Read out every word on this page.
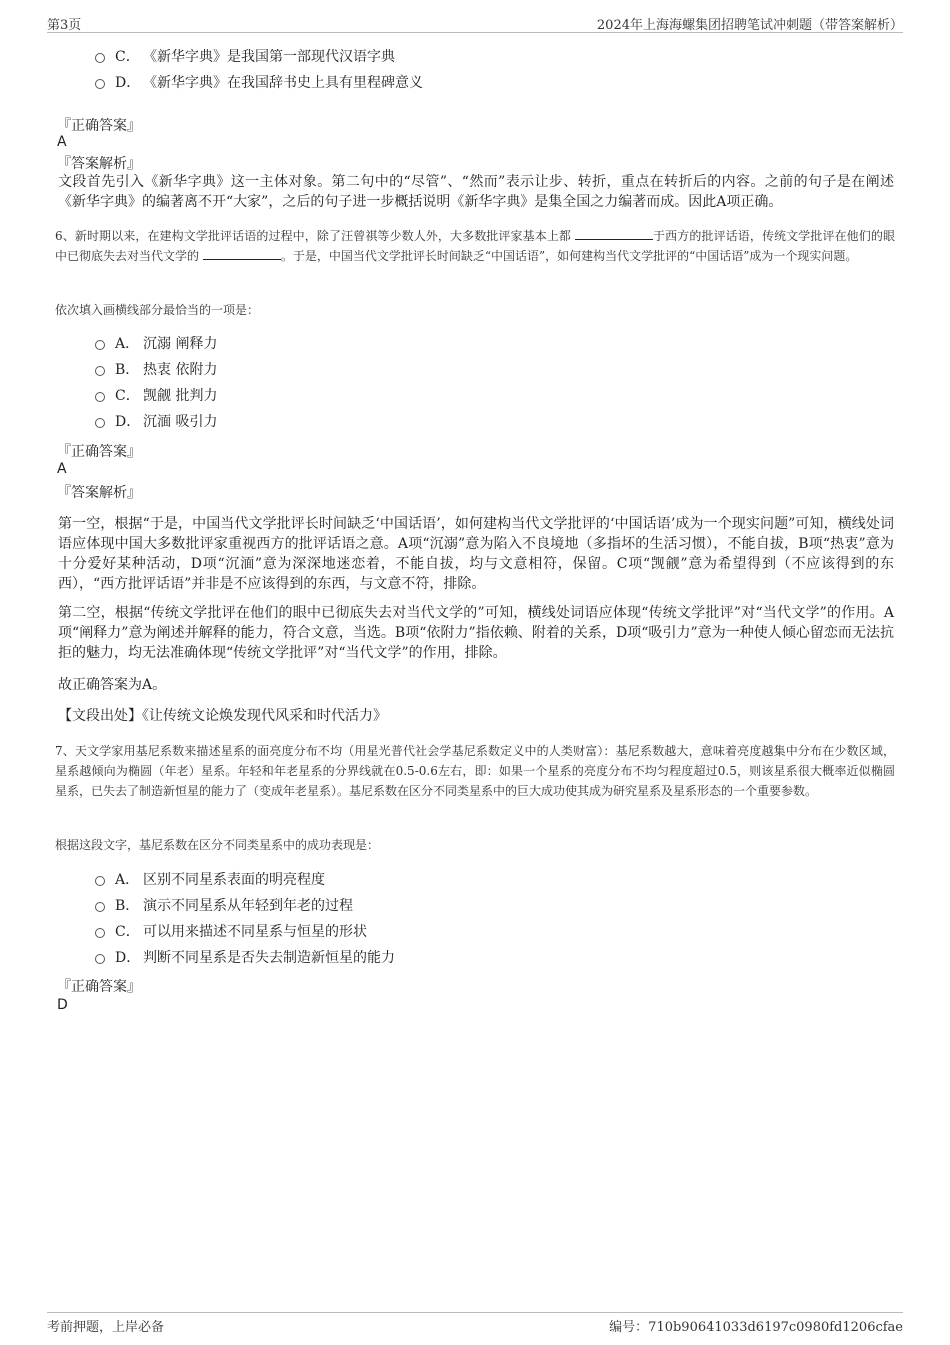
第3页	2024年上海海螺集团招聘笔试冲刺题（带答案解析）
C． 《新华字典》是我国第一部现代汉语字典
D． 《新华字典》在我国辞书史上具有里程碑意义
『正确答案』
A
『答案解析』
文段首先引入《新华字典》这一主体对象。第二句中的“尽管”、“然而”表示让步、转折，重点在转折后的内容。之前的句子是在阐述《新华字典》的编著离不开“大家”，之后的句子进一步概括说明《新华字典》是集全国之力编著而成。因此A项正确。
6、新时期以来，在建构文学批评话语的过程中，除了汪曾祺等少数人外，大多数批评家基本上都	于西方的批评话语，传统文学批评在他们的眼中已彻底失去对当代文学的	。于是，中国当代文学批评长时间缺乏“中国话语”，如何建构当代文学批评的“中国话语”成为一个现实问题。
依次填入画横线部分最恰当的一项是：
A． 沉溺 阐释力
B． 热衷 依附力
C． 觊觎 批判力
D． 沉湎 吸引力
『正确答案』
A
『答案解析』
第一空，根据“于是，中国当代文学批评长时间缺乏‘中国话语’，如何建构当代文学批评的‘中国话语’成为一个现实问题”可知，横线处词语应体现中国大多数批评家重视西方的批评话语之意。A项“沉溺”意为陷入不良境地（多指坏的生活习惯），不能自拔，B项“热衷”意为十分爱好某种活动，D项“沉湎”意为深深地迷恋着，不能自拔，均与文意相符，保留。C项“觊觎”意为希望得到（不应该得到的东西），“西方批评话语”并非是不应该得到的东西，与文意不符，排除。
第二空，根据“传统文学批评在他们的眼中已彻底失去对当代文学的”可知，横线处词语应体现“传统文学批评”对“当代文学”的作用。A项“阐释力”意为阐述并解释的能力，符合文意，当选。B项“依附力”指依赖、附着的关系，D项“吸引力”意为一种使人倾心留恋而无法抗拒的魅力，均无法准确体现“传统文学批评”对“当代文学”的作用，排除。
故正确答案为A。
【文段出处】《让传统文论焕发现代风采和时代活力》
7、天文学家用基尼系数来描述星系的面亮度分布不均（用星光普代社会学基尼系数定义中的人类财富）：基尼系数越大，意味着亮度越集中分布在少数区域，星系越倾向为椭圆（年老）星系。年轻和年老星系的分界线就在0.5-0.6左右，即：如果一个星系的亮度分布不均匀程度超过0.5，则该星系很大概率近似椭圆星系，已失去了制造新恒星的能力了（变成年老星系）。基尼系数在区分不同类星系中的巨大成功使其成为研究星系及星系形态的一个重要参数。
根据这段文字，基尼系数在区分不同类星系中的成功表现是：
A． 区别不同星系表面的明亮程度
B． 演示不同星系从年轻到年老的过程
C． 可以用来描述不同星系与恒星的形状
D． 判断不同星系是否失去制造新恒星的能力
『正确答案』
D
考前押题，上岸必备	编号：710b90641033d6197c0980fd1206cfae
